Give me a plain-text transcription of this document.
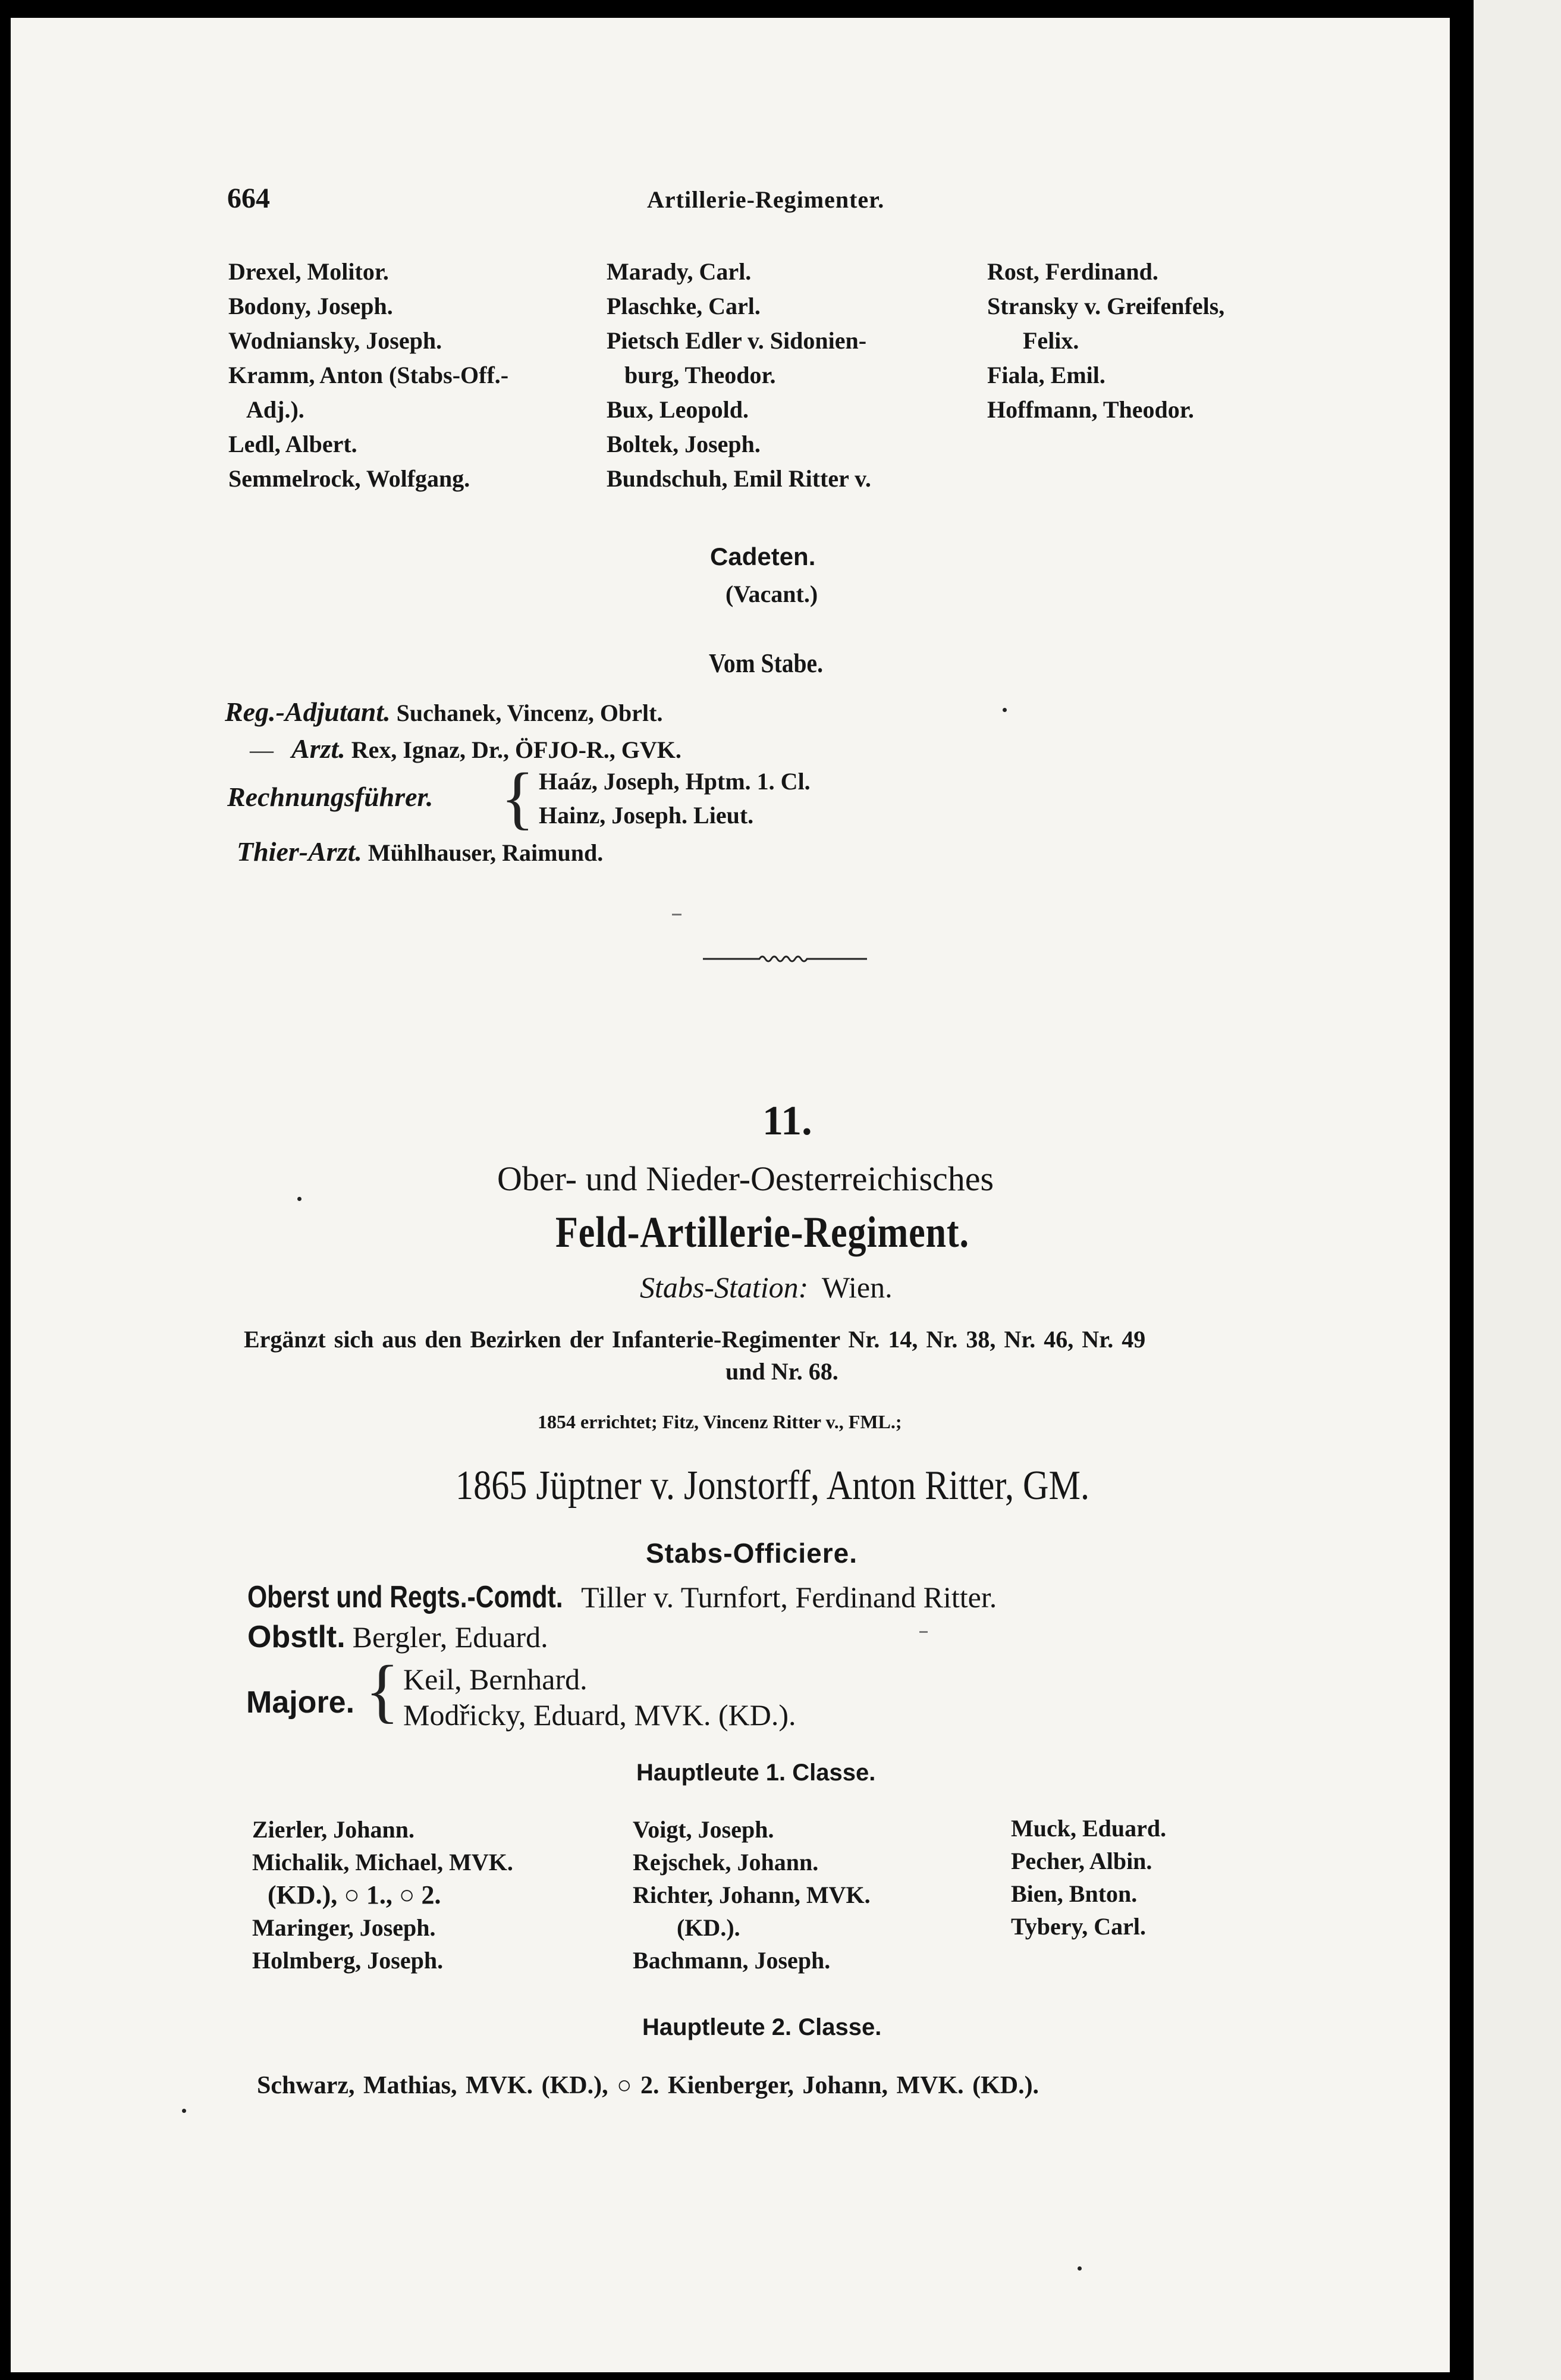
664	Artillerie-Regimenter.
Drexel, Molitor.
Bodony, Joseph.
Wodniansky, Joseph.
Kramm, Anton (Stabs-Off.-
Adj.).
Ledl, Albert.
Semmelrock, Wolfgang.
Marady, Carl.
Plaschke, Carl.
Pietsch Edler v. Sidonien-
burg, Theodor.
Bux, Leopold.
Boltek, Joseph.
Bundschuh, Emil Ritter v.
Rost, Ferdinand.
Stransky v. Greifenfels,
Felix.
Fiala, Emil.
Hoffmann, Theodor.
Cadeten.
(Vacant.)
Vom Stabe.
Reg.-Adjutant. Suchanek, Vincenz, Obrlt.
— Arzt. Rex, Ignaz, Dr., ÖFJO-R., GVK.
Rechnungsführer. { Haáz, Joseph, Hptm. 1. Cl.
Hainz, Joseph. Lieut.
Thier-Arzt. Mühlhauser, Raimund.
11.
Ober- und Nieder-Oesterreichisches
Feld-Artillerie-Regiment.
Stabs-Station: Wien.
Ergänzt sich aus den Bezirken der Infanterie-Regimenter Nr. 14, Nr. 38, Nr. 46, Nr. 49
und Nr. 68.
1854 errichtet; Fitz, Vincenz Ritter v., FML.;
1865 Jüptner v. Jonstorff, Anton Ritter, GM.
Stabs-Officiere.
Oberst und Regts.-Comdt. Tiller v. Turnfort, Ferdinand Ritter.
Obstlt. Bergler, Eduard.
Majore. { Keil, Bernhard.
Modřicky, Eduard, MVK. (KD.).
Hauptleute 1. Classe.
Zierler, Johann.
Michalik, Michael, MVK.
(KD.), ○ 1., ○ 2.
Maringer, Joseph.
Holmberg, Joseph.
Voigt, Joseph.
Rejschek, Johann.
Richter, Johann, MVK.
(KD.).
Bachmann, Joseph.
Muck, Eduard.
Pecher, Albin.
Bien, Bnton.
Tybery, Carl.
Hauptleute 2. Classe.
Schwarz, Mathias, MVK. (KD.), ○ 2. Kienberger, Johann, MVK. (KD.).
